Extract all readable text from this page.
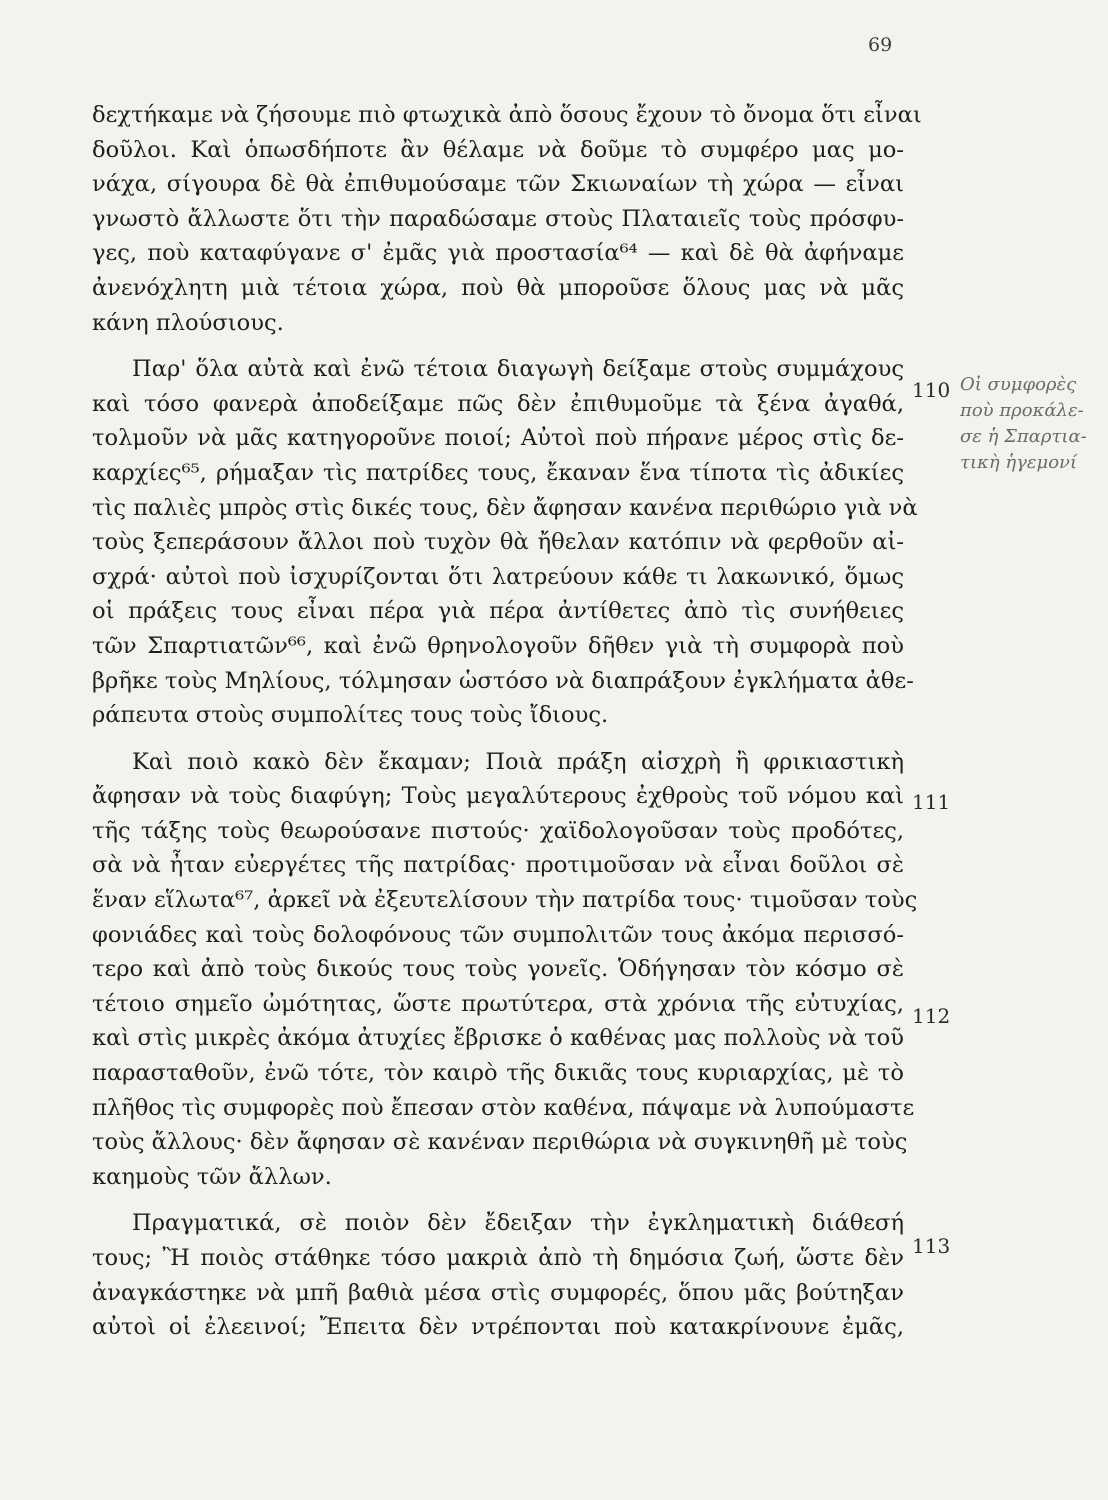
69
δεχτήκαμε νὰ ζήσουμε πιὸ φτωχικὰ ἀπὸ ὅσους ἔχουν τὸ ὄνομα ὅτι εἶναι
δοῦλοι. Καὶ ὁπωσδήποτε ἂν θέλαμε νὰ δοῦμε τὸ συμφέρο μας μο-
νάχα, σίγουρα δὲ θὰ ἐπιθυμούσαμε τῶν Σκιωναίων τὴ χώρα — εἶναι
γνωστὸ ἄλλωστε ὅτι τὴν παραδώσαμε στοὺς Πλαταιεῖς τοὺς πρόσφυ-
γες, ποὺ καταφύγανε σ' ἐμᾶς γιὰ προστασία⁶⁴ — καὶ δὲ θὰ ἀφήναμε
ἀνενόχλητη μιὰ τέτοια χώρα, ποὺ θὰ μποροῦσε ὅλους μας νὰ μᾶς
κάνη πλούσιους.
Παρ' ὅλα αὐτὰ καὶ ἐνῶ τέτοια διαγωγὴ δείξαμε στοὺς συμμάχους
καὶ τόσο φανερὰ ἀποδείξαμε πῶς δὲν ἐπιθυμοῦμε τὰ ξένα ἀγαθά,
τολμοῦν νὰ μᾶς κατηγοροῦνε ποιοί; Αὐτοὶ ποὺ πήρανε μέρος στὶς δε-
καρχίες⁶⁵, ρήμαξαν τὶς πατρίδες τους, ἔκαναν ἕνα τίποτα τὶς ἀδικίες
τὶς παλιὲς μπρὸς στὶς δικές τους, δὲν ἄφησαν κανένα περιθώριο γιὰ νὰ
τοὺς ξεπεράσουν ἄλλοι ποὺ τυχὸν θὰ ἤθελαν κατόπιν νὰ φερθοῦν αἰ-
σχρά· αὐτοὶ ποὺ ἰσχυρίζονται ὅτι λατρεύουν κάθε τι λακωνικό, ὅμως
οἱ πράξεις τους εἶναι πέρα γιὰ πέρα ἀντίθετες ἀπὸ τὶς συνήθειες
τῶν Σπαρτιατῶν⁶⁶, καὶ ἐνῶ θρηνολογοῦν δῆθεν γιὰ τὴ συμφορὰ ποὺ
βρῆκε τοὺς Μηλίους, τόλμησαν ὡστόσο νὰ διαπράξουν ἐγκλήματα ἀθε-
ράπευτα στοὺς συμπολίτες τους τοὺς ἴδιους.
Καὶ ποιὸ κακὸ δὲν ἔκαμαν; Ποιὰ πράξη αἰσχρὴ ἢ φρικιαστικὴ
ἄφησαν νὰ τοὺς διαφύγη; Τοὺς μεγαλύτερους ἐχθροὺς τοῦ νόμου καὶ
τῆς τάξης τοὺς θεωρούσανε πιστούς· χαϊδολογοῦσαν τοὺς προδότες,
σὰ νὰ ἦταν εὐεργέτες τῆς πατρίδας· προτιμοῦσαν νὰ εἶναι δοῦλοι σὲ
ἕναν εἵλωτα⁶⁷, ἀρκεῖ νὰ ἐξευτελίσουν τὴν πατρίδα τους· τιμοῦσαν τοὺς
φονιάδες καὶ τοὺς δολοφόνους τῶν συμπολιτῶν τους ἀκόμα περισσό-
τερο καὶ ἀπὸ τοὺς δικούς τους τοὺς γονεῖς. Ὁδήγησαν τὸν κόσμο σὲ
τέτοιο σημεῖο ὠμότητας, ὥστε πρωτύτερα, στὰ χρόνια τῆς εὐτυχίας,
καὶ στὶς μικρὲς ἀκόμα ἀτυχίες ἔβρισκε ὁ καθένας μας πολλοὺς νὰ τοῦ
παρασταθοῦν, ἐνῶ τότε, τὸν καιρὸ τῆς δικιᾶς τους κυριαρχίας, μὲ τὸ
πλῆθος τὶς συμφορὲς ποὺ ἔπεσαν στὸν καθένα, πάψαμε νὰ λυπούμαστε
τοὺς ἄλλους· δὲν ἄφησαν σὲ κανέναν περιθώρια νὰ συγκινηθῆ μὲ τοὺς
καημοὺς τῶν ἄλλων.
Πραγματικά, σὲ ποιὸν δὲν ἔδειξαν τὴν ἐγκληματικὴ διάθεσή
τους; Ἢ ποιὸς στάθηκε τόσο μακριὰ ἀπὸ τὴ δημόσια ζωή, ὥστε δὲν
ἀναγκάστηκε νὰ μπῆ βαθιὰ μέσα στὶς συμφορές, ὅπου μᾶς βούτηξαν
αὐτοὶ οἱ ἐλεεινοί; Ἔπειτα δὲν ντρέπονται ποὺ κατακρίνουνε ἐμᾶς,
110
111
112
113
Οἱ συμφορὲς
ποὺ προκάλε-
σε ἡ Σπαρτια-
τικὴ ἡγεμονί
